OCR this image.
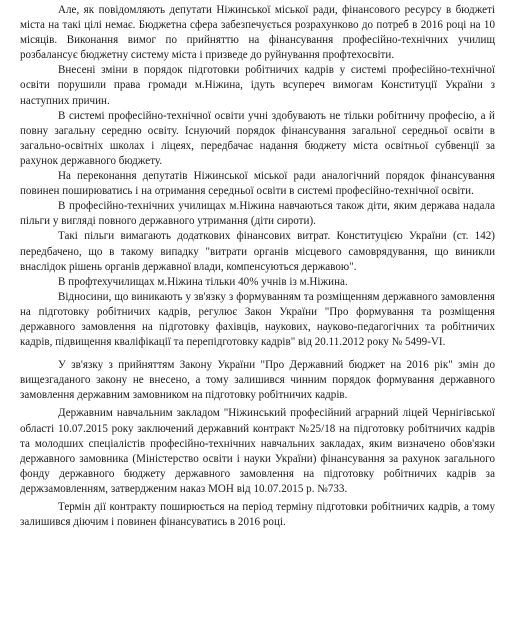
Але, як повідомляють депутати Ніжинської міської ради, фінансового ресурсу в бюджеті міста на такі цілі немає. Бюджетна сфера забезпечується розрахунково до потреб в 2016 році на 10 місяців. Виконання вимог по прийняттю на фінансування професійно-технічних училищ розбалансує бюджетну систему міста і призведе до руйнування профтехосвіти.

Внесені зміни в порядок підготовки робітничих кадрів у системі професійно-технічної освіти порушили права громади м.Ніжина, ідуть всупереч вимогам Конституції України з наступних причин.

В системі професійно-технічної освіти учні здобувають не тільки робітничу професію, а й повну загальну середню освіту. Існуючий порядок фінансування загальної середньої освіти в загально-освітніх школах і ліцеях, передбачає надання бюджету міста освітньої субвенції за рахунок державного бюджету.

На переконання депутатів Ніжинської міської ради аналогічний порядок фінансування повинен поширюватись і на отримання середньої освіти в системі професійно-технічної освіти.

В професійно-технічних училищах м.Ніжина навчаються також діти, яким держава надала пільги у вигляді повного державного утримання (діти сироти).

Такі пільги вимагають додаткових фінансових витрат. Конституцією України (ст. 142) передбачено, що в такому випадку "витрати органів місцевого самоврядування, що виникли внаслідок рішень органів державної влади, компенсуються державою".

В профтехучилищах м.Ніжина тільки 40% учнів із м.Ніжина.

Відносини, що виникають у зв'язку з формуванням та розміщенням державного замовлення на підготовку робітничих кадрів, регулює Закон України "Про формування та розміщення державного замовлення на підготовку фахівців, наукових, науково-педагогічних та робітничих кадрів, підвищення кваліфікації та перепідготовку кадрів" від 20.11.2012 року № 5499-VI.

У зв'язку з прийняттям Закону України "Про Державний бюджет на 2016 рік" змін до вищезгаданого закону не внесено, а тому залишився чинним порядок формування державного замовлення державним замовником на підготовку робітничих кадрів.

Державним навчальним закладом "Ніжинський професійний аграрний ліцей Чернігівської області 10.07.2015 року заключений державний контракт №25/18 на підготовку робітничих кадрів та молодших спеціалістів професійно-технічних навчальних закладах, яким визначено обов'язки державного замовника (Міністерство освіти і науки України) фінансування за рахунок загального фонду державного бюджету державного замовлення на підготовку робітничих кадрів за держзамовленням, затвердженим наказ МОН від 10.07.2015 р. №733.

Термін дії контракту поширюється на період терміну підготовки робітничих кадрів, а тому залишився діючим і повинен фінансуватись в 2016 році.
